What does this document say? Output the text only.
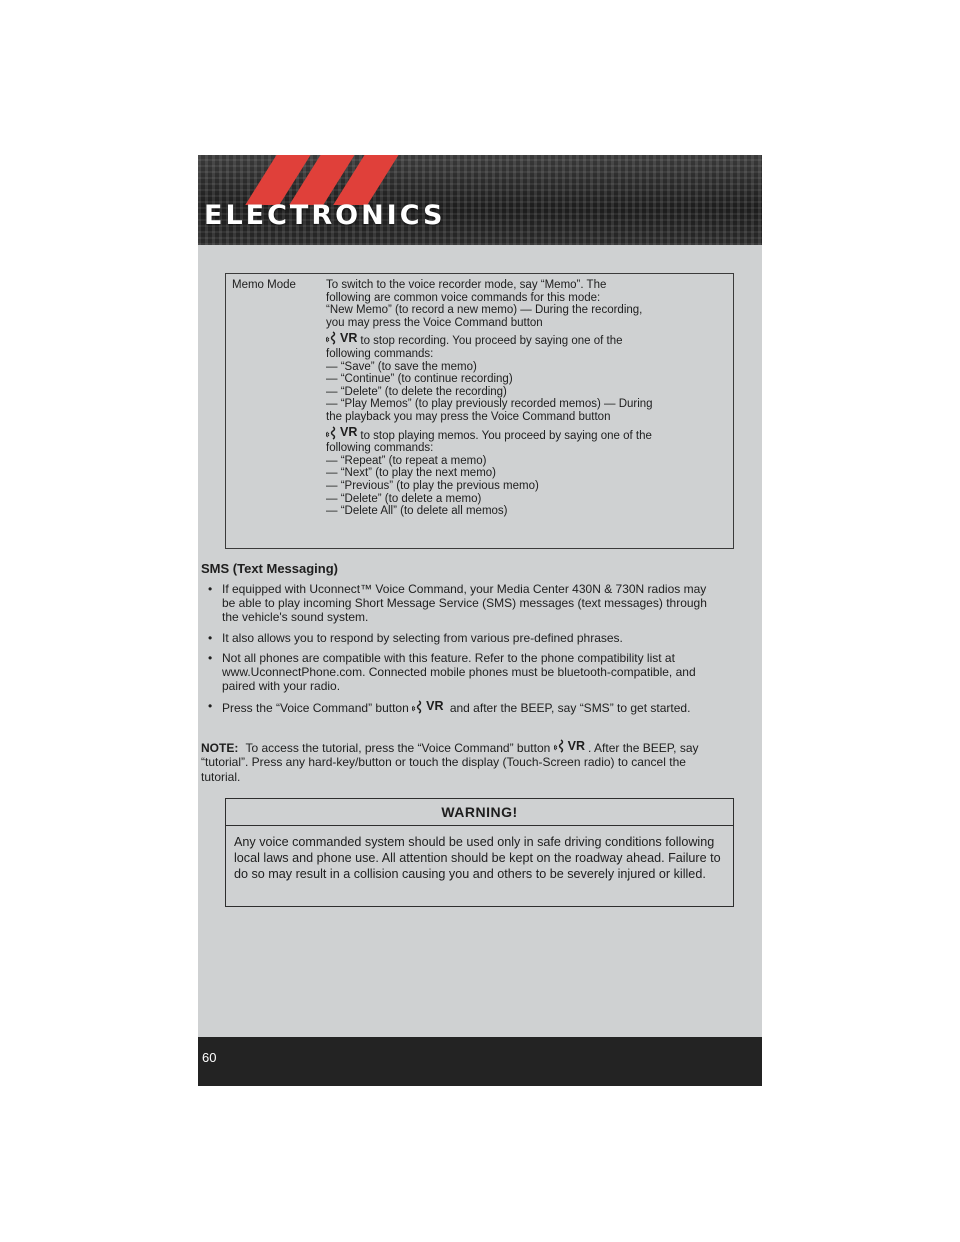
ELECTRONICS
Memo Mode	To switch to the voice recorder mode, say “Memo”. The
following are common voice commands for this mode:
“New Memo” (to record a new memo) — During the recording,
you may press the Voice Command button
VR to stop recording. You proceed by saying one of the
following commands:
— “Save” (to save the memo)
— “Continue” (to continue recording)
— “Delete” (to delete the recording)
— “Play Memos” (to play previously recorded memos) — During
the playback you may press the Voice Command button
VR to stop playing memos. You proceed by saying one of the
following commands:
— “Repeat” (to repeat a memo)
— “Next” (to play the next memo)
— “Previous” (to play the previous memo)
— “Delete” (to delete a memo)
— “Delete All” (to delete all memos)
SMS (Text Messaging)
• If equipped with Uconnect™ Voice Command, your Media Center 430N & 730N radios may be able to play incoming Short Message Service (SMS) messages (text messages) through the vehicle's sound system.
• It also allows you to respond by selecting from various pre-defined phrases.
• Not all phones are compatible with this feature. Refer to the phone compatibility list at www.UconnectPhone.com. Connected mobile phones must be bluetooth-compatible, and paired with your radio.
• Press the “Voice Command” button VR and after the BEEP, say “SMS” to get started.
NOTE: To access the tutorial, press the “Voice Command” button VR . After the BEEP, say “tutorial”. Press any hard-key/button or touch the display (Touch-Screen radio) to cancel the tutorial.
WARNING!
Any voice commanded system should be used only in safe driving conditions following local laws and phone use. All attention should be kept on the roadway ahead. Failure to do so may result in a collision causing you and others to be severely injured or killed.
60
